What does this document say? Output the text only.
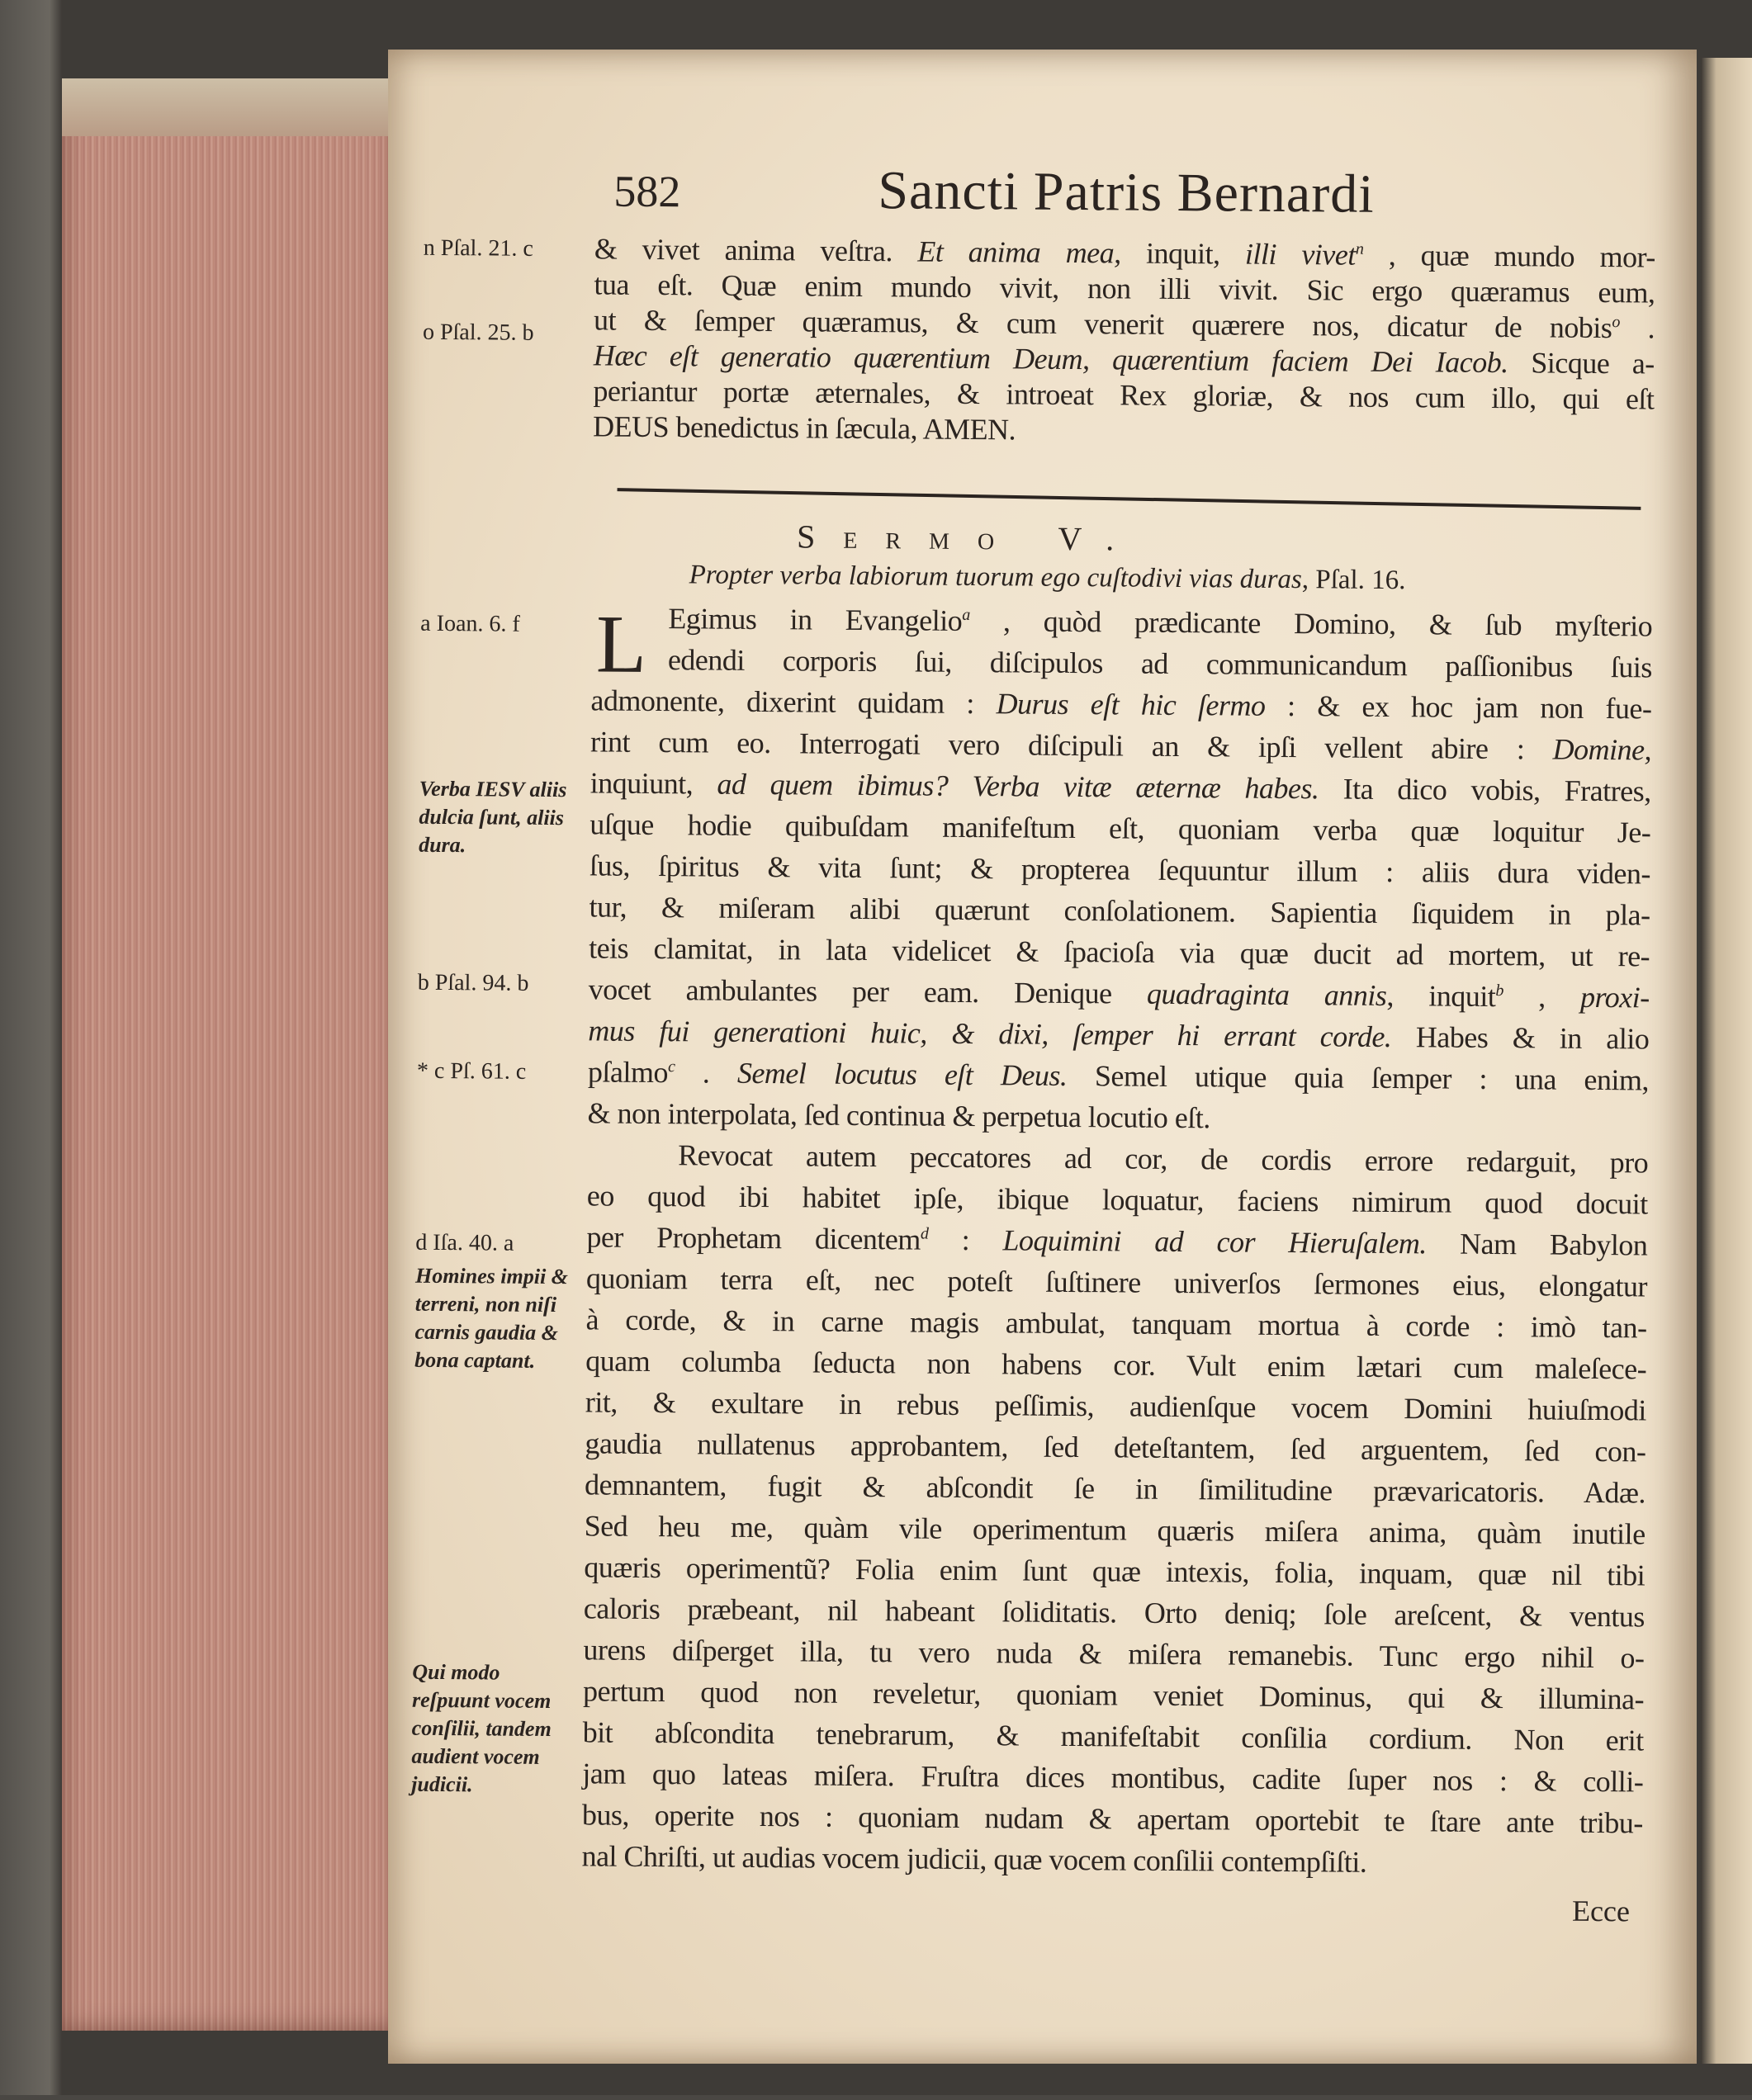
582	Sancti Patris Bernardi
Sermo V.
Propter verba labiorum tuorum ego cuſtodivi vias duras, Pſal. 16.
L
Ecce
& vivet anima veſtra. Et anima mea, inquit, illi vivet$^n$ , quæ mundo mor-
tua eſt. Quæ enim mundo vivit, non illi vivit. Sic ergo quæramus eum,
ut & ſemper quæramus, & cum venerit quærere nos, dicatur de nobis$^o$ .
Hæc eſt generatio quærentium Deum, quærentium faciem Dei Iacob. Sicque a-
periantur portæ æternales, & introeat Rex gloriæ, & nos cum illo, qui eſt
DEUS benedictus in ſæcula, AMEN.
Egimus in Evangelio$^a$ , quòd prædicante Domino, & ſub myſterio
edendi corporis ſui, diſcipulos ad communicandum paſſionibus ſuis
admonente, dixerint quidam : Durus eſt hic ſermo : & ex hoc jam non fue-
rint cum eo. Interrogati vero diſcipuli an & ipſi vellent abire : Domine,
inquiunt, ad quem ibimus? Verba vitæ æternæ habes. Ita dico vobis, Fratres,
uſque hodie quibuſdam manifeſtum eſt, quoniam verba quæ loquitur Je-
ſus, ſpiritus & vita ſunt; & propterea ſequuntur illum : aliis dura viden-
tur, & miſeram alibi quærunt conſolationem. Sapientia ſiquidem in pla-
teis clamitat, in lata videlicet & ſpacioſa via quæ ducit ad mortem, ut re-
vocet ambulantes per eam. Denique quadraginta annis, inquit$^b$ , proxi-
mus fui generationi huic, & dixi, ſemper hi errant corde. Habes & in alio
pſalmo$^c$ . Semel locutus eſt Deus. Semel utique quia ſemper : una enim,
& non interpolata, ſed continua & perpetua locutio eſt.
Revocat autem peccatores ad cor, de cordis errore redarguit, pro
eo quod ibi habitet ipſe, ibique loquatur, faciens nimirum quod docuit
per Prophetam dicentem$^d$ : Loquimini ad cor Hieruſalem. Nam Babylon
quoniam terra eſt, nec poteſt ſuſtinere univerſos ſermones eius, elongatur
à corde, & in carne magis ambulat, tanquam mortua à corde : imò tan-
quam columba ſeducta non habens cor. Vult enim lætari cum maleſece-
rit, & exultare in rebus peſſimis, audienſque vocem Domini huiuſmodi
gaudia nullatenus approbantem, ſed deteſtantem, ſed arguentem, ſed con-
demnantem, fugit & abſcondit ſe in ſimilitudine prævaricatoris. Adæ.
Sed heu me, quàm vile operimentum quæris miſera anima, quàm inutile
quæris operimentũ? Folia enim ſunt quæ intexis, folia, inquam, quæ nil tibi
caloris præbeant, nil habeant ſoliditatis. Orto deniq; ſole areſcent, & ventus
urens diſperget illa, tu vero nuda & miſera remanebis. Tunc ergo nihil o-
pertum quod non reveletur, quoniam veniet Dominus, qui & illumina-
bit abſcondita tenebrarum, & manifeſtabit conſilia cordium. Non erit
jam quo lateas miſera. Fruſtra dices montibus, cadite ſuper nos : & colli-
bus, operite nos : quoniam nudam & apertam oportebit te ſtare ante tribu-
nal Chriſti, ut audias vocem judicii, quæ vocem conſilii contempſiſti.
n Pſal. 21. c
o Pſal. 25. b
a Ioan. 6. f
Verba IESV aliis dulcia ſunt, aliis dura.
b Pſal. 94. b
* c Pſ. 61. c
d Iſa. 40. a
Homines impii & terreni, non niſi carnis gaudia & bona captant.
Qui modo reſpuunt vocem conſilii, tandem audient vocem judicii.
